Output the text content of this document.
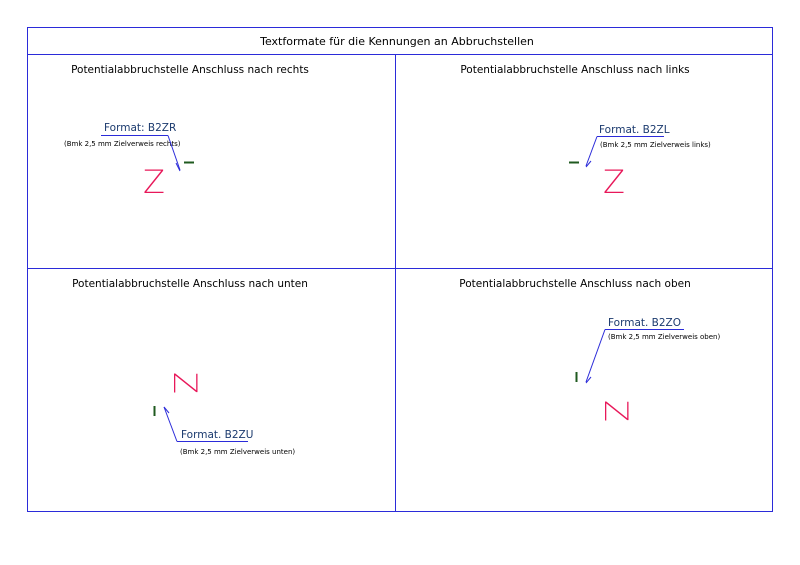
Textformate für die Kennungen an Abbruchstellen
Potentialabbruchstelle Anschluss nach rechts
Format: B2ZR
(Bmk 2,5 mm Zielverweis rechts)
Z
Potentialabbruchstelle Anschluss nach links
Format. B2ZL
(Bmk 2,5 mm Zielverweis links)
Z
Potentialabbruchstelle Anschluss nach unten
Z
Format. B2ZU
(Bmk 2,5 mm Zielverweis unten)
Potentialabbruchstelle Anschluss nach oben
Format. B2ZO
(Bmk 2,5 mm Zielverweis oben)
Z
